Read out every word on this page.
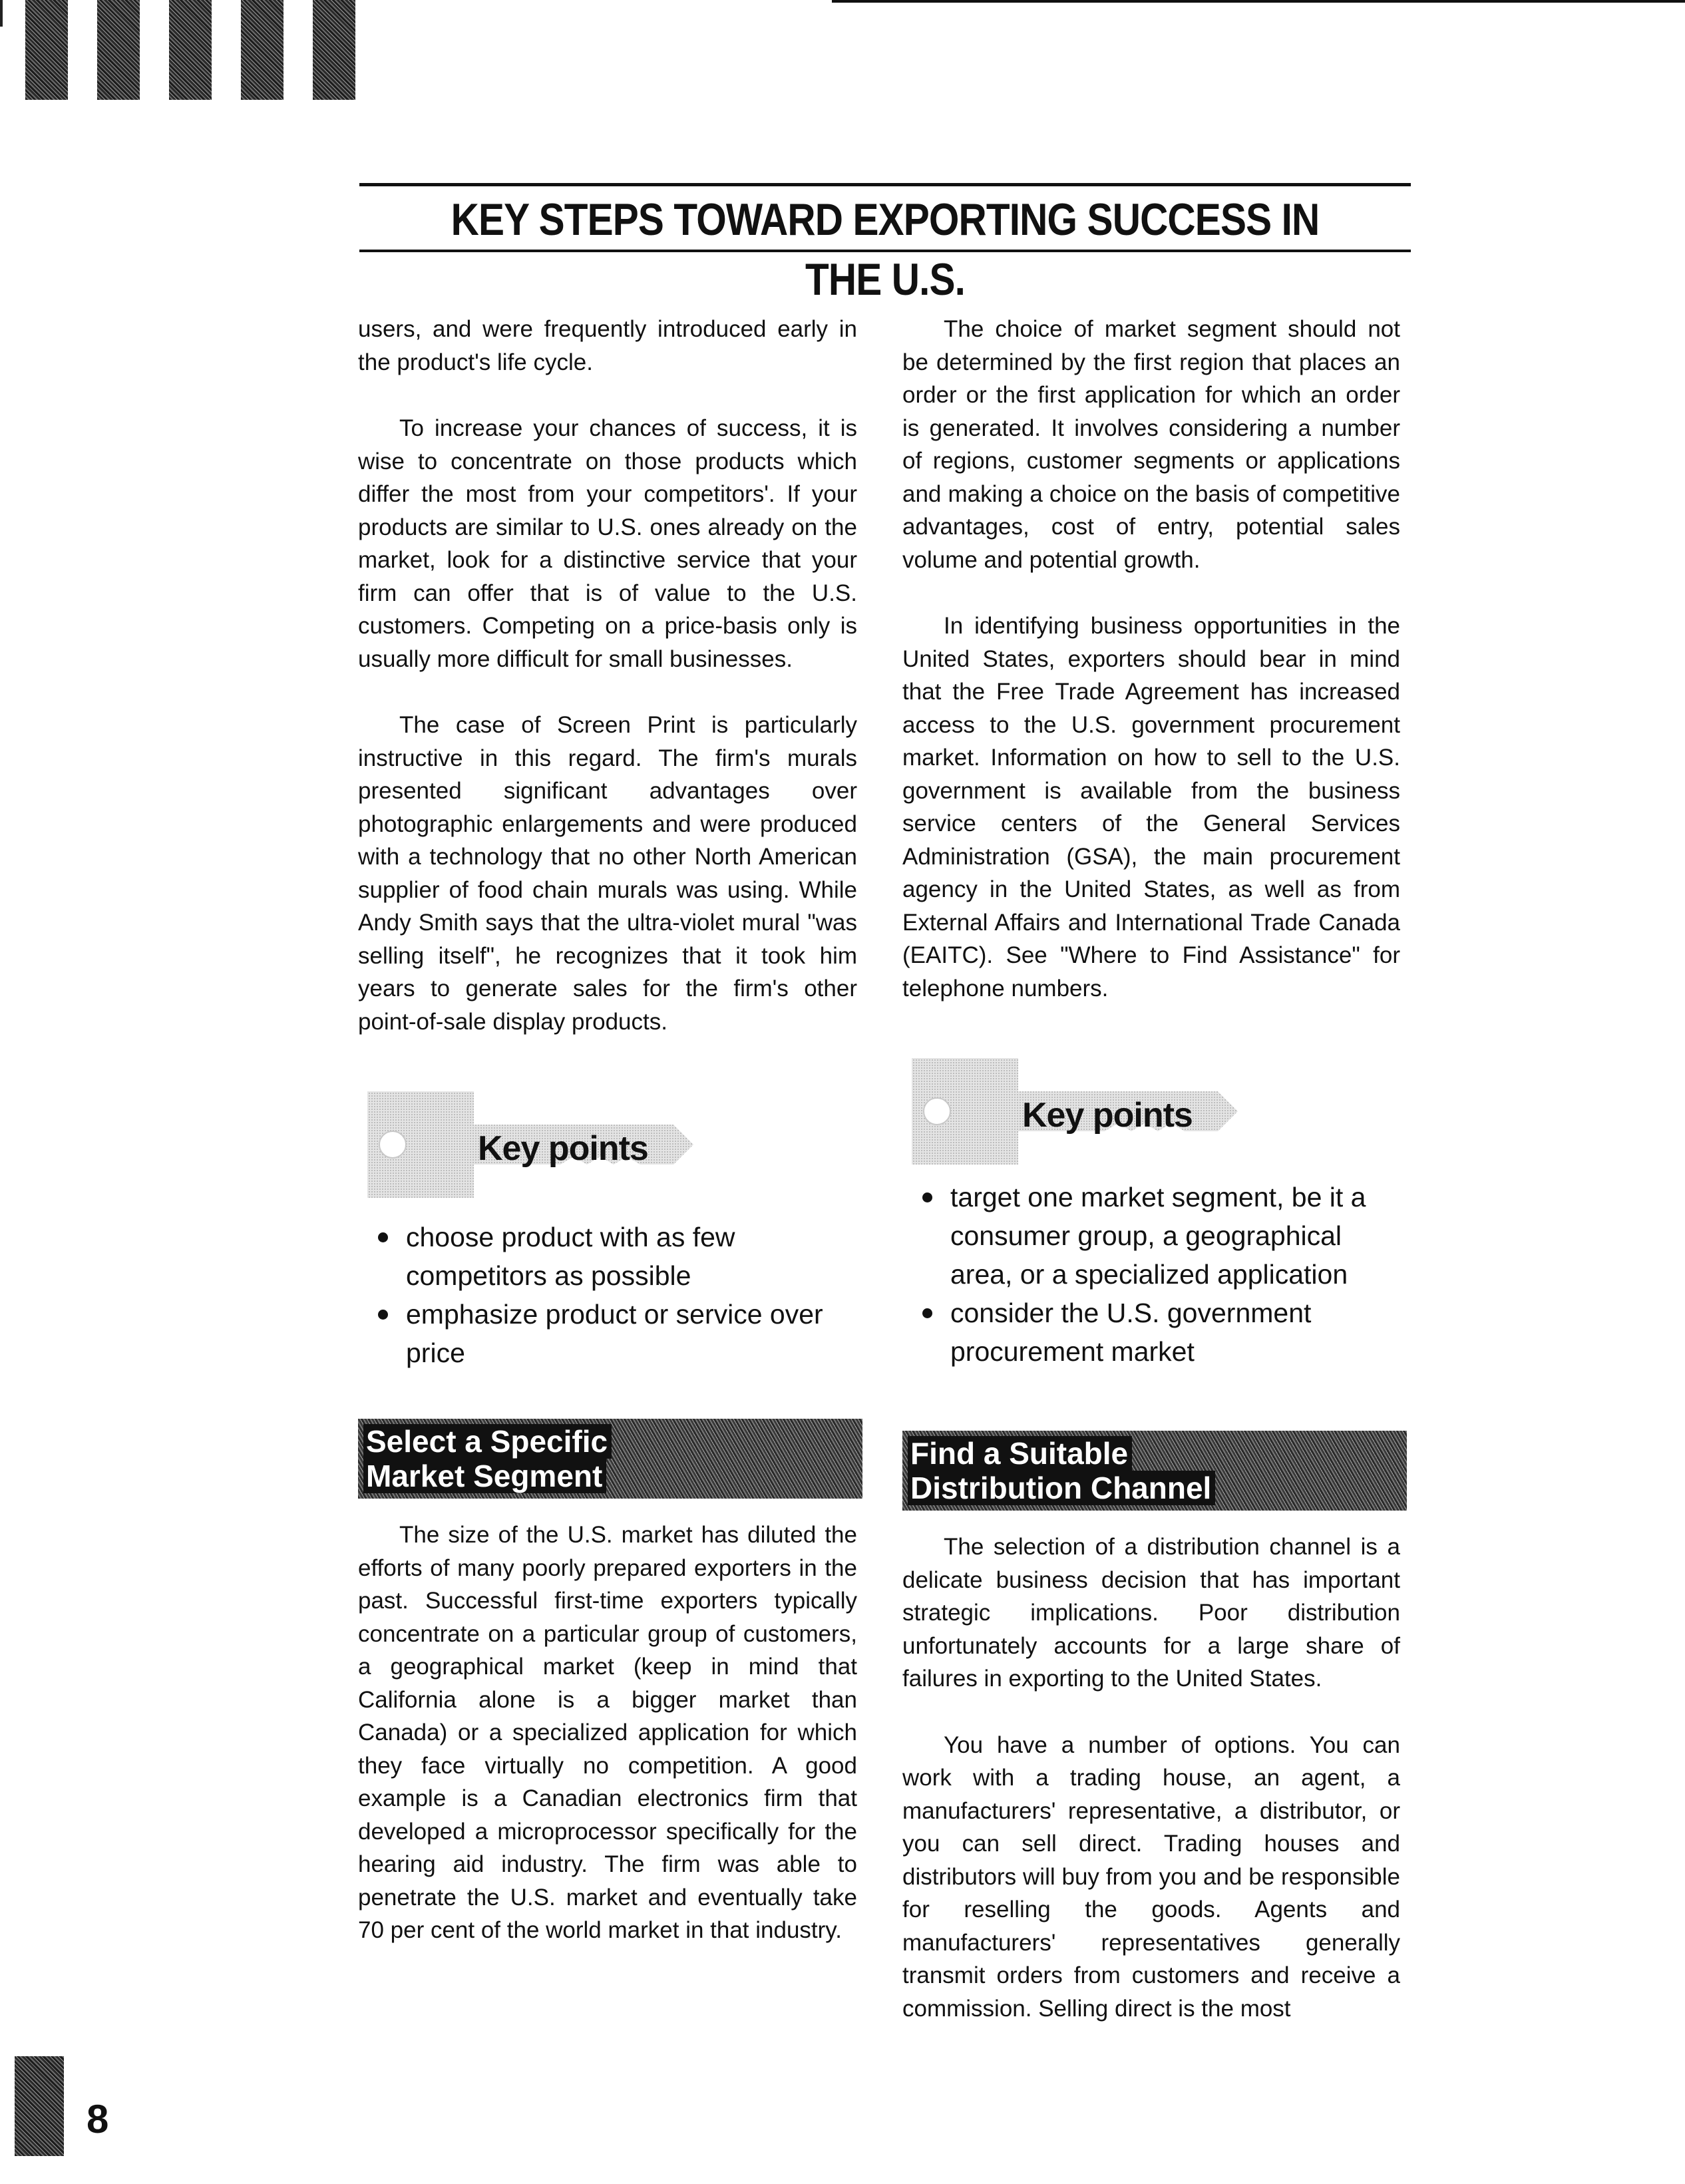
KEY STEPS TOWARD EXPORTING SUCCESS IN THE U.S.

users, and were frequently introduced early in the product's life cycle.

To increase your chances of success, it is wise to concentrate on those products which differ the most from your competitors'. If your products are similar to U.S. ones already on the market, look for a distinctive service that your firm can offer that is of value to the U.S. customers. Competing on a price-basis only is usually more difficult for small businesses.

The case of Screen Print is particularly instructive in this regard. The firm's murals presented significant advantages over photographic enlargements and were produced with a technology that no other North American supplier of food chain murals was using. While Andy Smith says that the ultra-violet mural "was selling itself", he recognizes that it took him years to generate sales for the firm's other point-of-sale display products.

Key points
choose product with as few competitors as possible
emphasize product or service over price
Select a Specific
Market Segment

The size of the U.S. market has diluted the efforts of many poorly prepared exporters in the past. Successful first-time exporters typically concentrate on a particular group of customers, a geographical market (keep in mind that California alone is a bigger market than Canada) or a specialized application for which they face virtually no competition. A good example is a Canadian electronics firm that developed a microprocessor specifically for the hearing aid industry. The firm was able to penetrate the U.S. market and eventually take 70 per cent of the world market in that industry.

The choice of market segment should not be determined by the first region that places an order or the first application for which an order is generated. It involves considering a number of regions, customer segments or applications and making a choice on the basis of competitive advantages, cost of entry, potential sales volume and potential growth.

In identifying business opportunities in the United States, exporters should bear in mind that the Free Trade Agreement has increased access to the U.S. government procurement market. Information on how to sell to the U.S. government is available from the business service centers of the General Services Administration (GSA), the main procurement agency in the United States, as well as from External Affairs and International Trade Canada (EAITC). See "Where to Find Assistance" for telephone numbers.

Key points
target one market segment, be it a consumer group, a geographical area, or a specialized application
consider the U.S. government procurement market
Find a Suitable
Distribution Channel

The selection of a distribution channel is a delicate business decision that has important strategic implications. Poor distribution unfortunately accounts for a large share of failures in exporting to the United States.

You have a number of options. You can work with a trading house, an agent, a manufacturers' representative, a distributor, or you can sell direct. Trading houses and distributors will buy from you and be responsible for reselling the goods. Agents and manufacturers' representatives generally transmit orders from customers and receive a commission. Selling direct is the most

8
